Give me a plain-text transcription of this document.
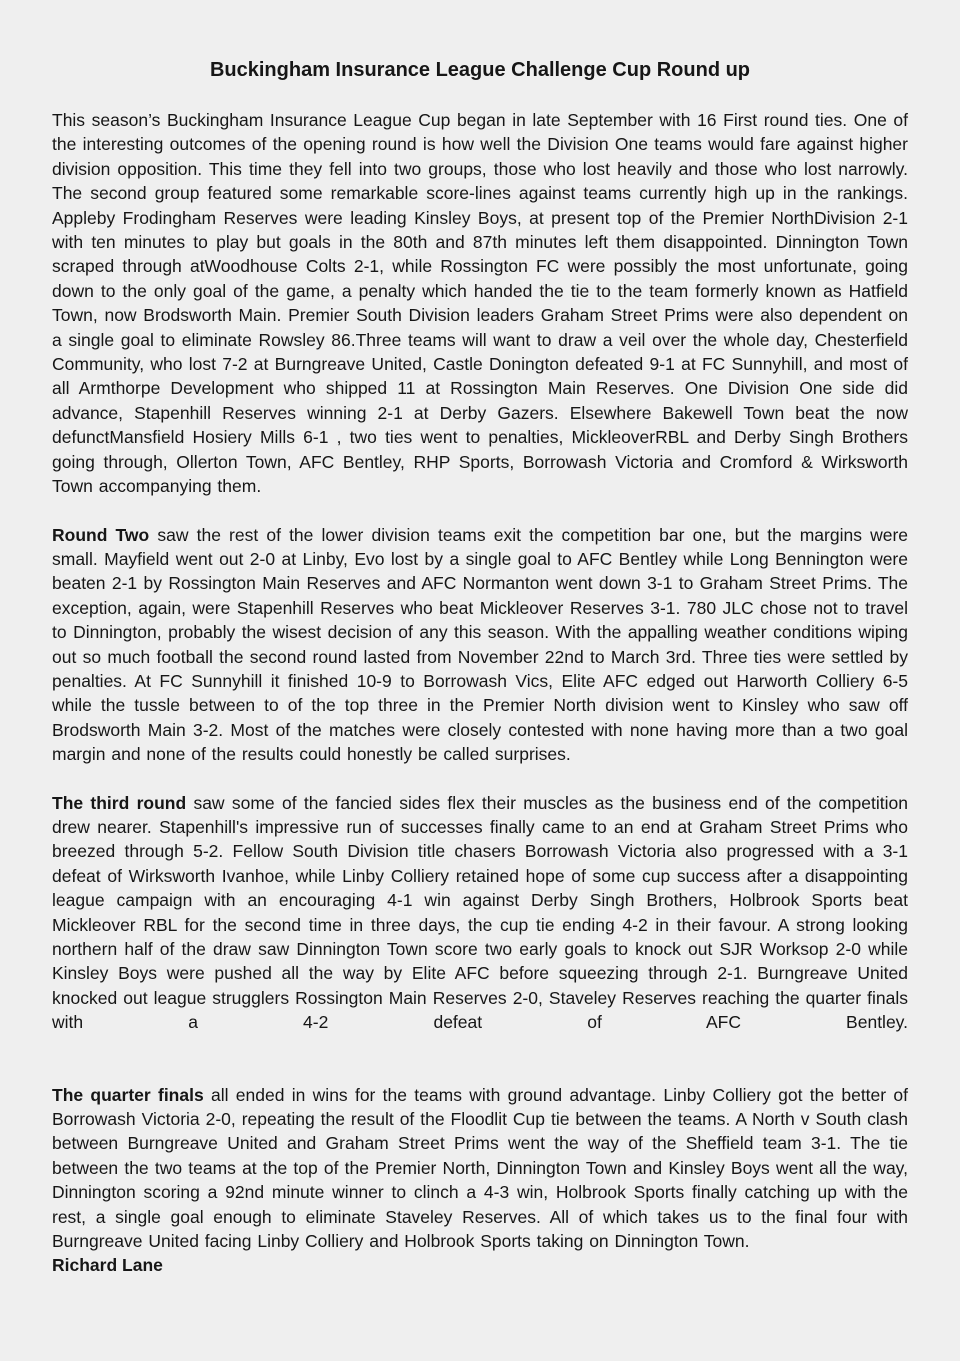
Buckingham Insurance League Challenge Cup Round up

This season’s Buckingham Insurance League Cup began in late September with 16 First round ties. One of the interesting outcomes of the opening round is how well the Division One teams would fare against higher division opposition. This time they fell into two groups, those who lost heavily and those who lost narrowly. The second group featured some remarkable score-lines against teams currently high up in the rankings. Appleby Frodingham Reserves were leading Kinsley Boys, at present top of the Premier NorthDivision 2-1 with ten minutes to play but goals in the 80th and 87th minutes left them disappointed. Dinnington Town scraped through atWoodhouse Colts 2-1, while Rossington FC were possibly the most unfortunate, going down to the only goal of the game, a penalty which handed the tie to the team formerly known as Hatfield Town, now Brodsworth Main. Premier South Division leaders Graham Street Prims were also dependent on a single goal to eliminate Rowsley 86.Three teams will want to draw a veil over the whole day, Chesterfield Community, who lost 7-2 at Burngreave United, Castle Donington defeated 9-1 at FC Sunnyhill, and most of all Armthorpe Development who shipped 11 at Rossington Main Reserves. One Division One side did advance, Stapenhill Reserves winning 2-1 at Derby Gazers. Elsewhere Bakewell Town beat the now defunctMansfield Hosiery Mills 6-1 , two ties went to penalties, MickleoverRBL and Derby Singh Brothers going through, Ollerton Town, AFC Bentley, RHP Sports, Borrowash Victoria and Cromford & Wirksworth Town accompanying them.

Round Two saw the rest of the lower division teams exit the competition bar one, but the margins were small. Mayfield went out 2-0 at Linby, Evo lost by a single goal to AFC Bentley while Long Bennington were beaten 2-1 by Rossington Main Reserves and AFC Normanton went down 3-1 to Graham Street Prims. The exception, again, were Stapenhill Reserves who beat Mickleover Reserves 3-1. 780 JLC chose not to travel to Dinnington, probably the wisest decision of any this season. With the appalling weather conditions wiping out so much football the second round lasted from November 22nd to March 3rd. Three ties were settled by penalties. At FC Sunnyhill it finished 10-9 to Borrowash Vics, Elite AFC edged out Harworth Colliery 6-5 while the tussle between to of the top three in the Premier North division went to Kinsley who saw off Brodsworth Main 3-2. Most of the matches were closely contested with none having more than a two goal margin and none of the results could honestly be called surprises.

The third round saw some of the fancied sides flex their muscles as the business end of the competition drew nearer. Stapenhill's impressive run of successes finally came to an end at Graham Street Prims who breezed through 5-2. Fellow South Division title chasers Borrowash Victoria also progressed with a 3-1 defeat of Wirksworth Ivanhoe, while Linby Colliery retained hope of some cup success after a disappointing league campaign with an encouraging 4-1 win against Derby Singh Brothers, Holbrook Sports beat Mickleover RBL for the second time in three days, the cup tie ending 4-2 in their favour. A strong looking northern half of the draw saw Dinnington Town score two early goals to knock out SJR Worksop 2-0 while Kinsley Boys were pushed all the way by Elite AFC before squeezing through 2-1. Burngreave United knocked out league strugglers Rossington Main Reserves 2-0, Staveley Reserves reaching the quarter finals with a 4-2 defeat of AFC Bentley.

The quarter finals all ended in wins for the teams with ground advantage. Linby Colliery got the better of Borrowash Victoria 2-0, repeating the result of the Floodlit Cup tie between the teams. A North v South clash between Burngreave United and Graham Street Prims went the way of the Sheffield team 3-1. The tie between the two teams at the top of the Premier North, Dinnington Town and Kinsley Boys went all the way, Dinnington scoring a 92nd minute winner to clinch a 4-3 win, Holbrook Sports finally catching up with the rest, a single goal enough to eliminate Staveley Reserves. All of which takes us to the final four with Burngreave United facing Linby Colliery and Holbrook Sports taking on Dinnington Town.

Richard Lane
